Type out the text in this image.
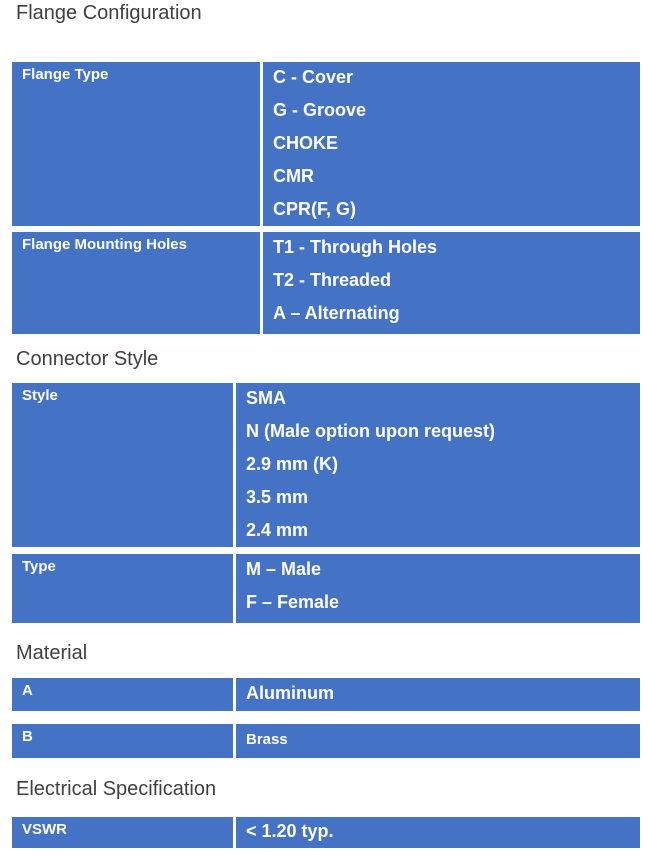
Flange Configuration
Flange Type	C - Cover
G - Groove
CHOKE
CMR
CPR(F, G)
Flange Mounting Holes	T1 - Through Holes
T2 - Threaded
A – Alternating
Connector Style
Style	SMA
N (Male option upon request)
2.9 mm (K)
3.5 mm
2.4 mm
Type	M – Male
F – Female
Material
A	Aluminum
B	Brass
Electrical Specification
VSWR	< 1.20 typ.
